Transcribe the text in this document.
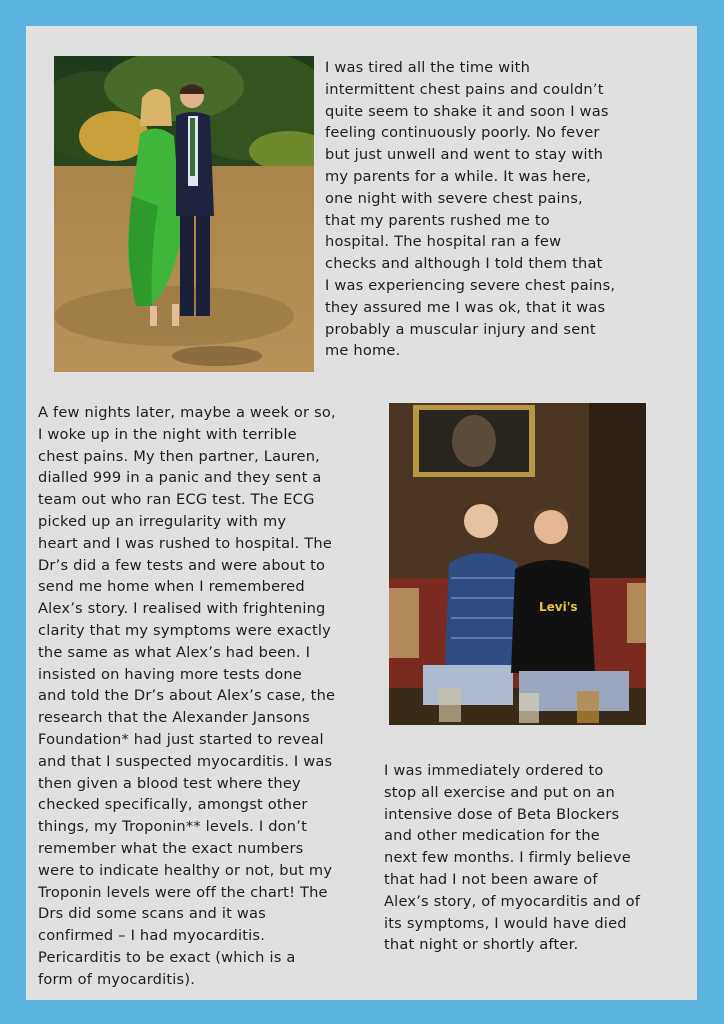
I was tired all the time with
intermittent chest pains and couldn’t
quite seem to shake it and soon I was
feeling continuously poorly. No fever
but just unwell and went to stay with
my parents for a while. It was here,
one night with severe chest pains,
that my parents rushed me to
hospital. The hospital ran a few
checks and although I told them that
I was experiencing severe chest pains,
they assured me I was ok, that it was
probably a muscular injury and sent
me home.

A few nights later, maybe a week or so,
I woke up in the night with terrible
chest pains. My then partner, Lauren,
dialled 999 in a panic and they sent a
team out who ran ECG test. The ECG
picked up an irregularity with my
heart and I was rushed to hospital. The
Dr’s did a few tests and were about to
send me home when I remembered
Alex’s story. I realised with frightening
clarity that my symptoms were exactly
the same as what Alex’s had been. I
insisted on having more tests done
and told the Dr’s about Alex’s case, the
research that the Alexander Jansons
Foundation* had just started to reveal
and that I suspected myocarditis. I was
then given a blood test where they
checked specifically, amongst other
things, my Troponin** levels. I don’t
remember what the exact numbers
were to indicate healthy or not, but my
Troponin levels were off the chart! The
Drs did some scans and it was
confirmed – I had myocarditis.
Pericarditis to be exact (which is a
form of myocarditis).

Levi's

I was immediately ordered to
stop all exercise and put on an
intensive dose of Beta Blockers
and other medication for the
next few months. I firmly believe
that had I not been aware of
Alex’s story, of myocarditis and of
its symptoms, I would have died
that night or shortly after.
